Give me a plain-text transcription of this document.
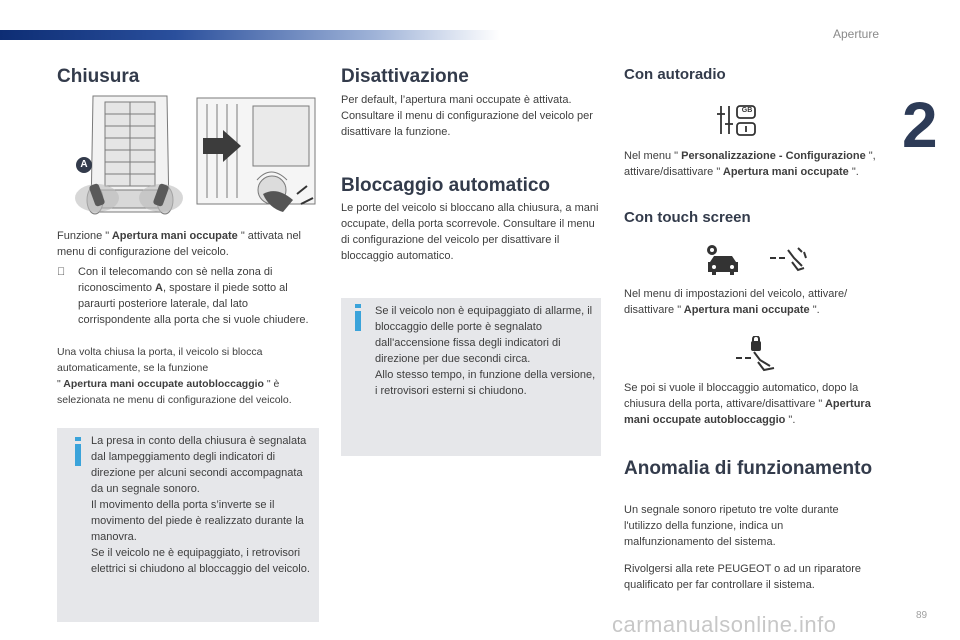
Aperture
2
Chiusura
A
Funzione " Apertura mani occupate " attivata nel menu di configurazione del veicolo.
Con il telecomando con sè nella zona di riconoscimento A, spostare il piede sotto al paraurti posteriore laterale, dal lato corrispondente alla porta che si vuole chiudere.
Una volta chiusa la porta, il veicolo si blocca automaticamente, se la funzione
" Apertura mani occupate autobloccaggio " è selezionata ne menu di configurazione del veicolo.
La presa in conto della chiusura è segnalata dal lampeggiamento degli indicatori di direzione per alcuni secondi accompagnata da un segnale sonoro.
Il movimento della porta s’inverte se il movimento del piede è realizzato durante la manovra.
Se il veicolo ne è equipaggiato, i retrovisori elettrici si chiudono al bloccaggio del veicolo.
Disattivazione
Per default, l’apertura mani occupate è attivata. Consultare il menu di configurazione del veicolo per disattivare la funzione.
Bloccaggio automatico
Le porte del veicolo si bloccano alla chiusura, a mani occupate, della porta scorrevole. Consultare il menu di configurazione del veicolo per disattivare il bloccaggio automatico.
Se il veicolo non è equipaggiato di allarme, il bloccaggio delle porte è segnalato dall'accensione fissa degli indicatori di direzione per due secondi circa.
Allo stesso tempo, in funzione della versione, i retrovisori esterni si chiudono.
Con autoradio
GB
Nel menu " Personalizzazione - Configurazione ", attivare/disattivare " Apertura mani occupate ".
Con touch screen
Nel menu di impostazioni del veicolo, attivare/ disattivare " Apertura mani occupate ".
Se poi si vuole il bloccaggio automatico, dopo la chiusura della porta, attivare/disattivare " Apertura mani occupate autobloccaggio ".
Anomalia di funzionamento
Un segnale sonoro ripetuto tre volte durante l'utilizzo della funzione, indica un malfunzionamento del sistema.
Rivolgersi alla rete PEUGEOT o ad un riparatore qualificato per far controllare il sistema.
carmanualsonline.info	89
